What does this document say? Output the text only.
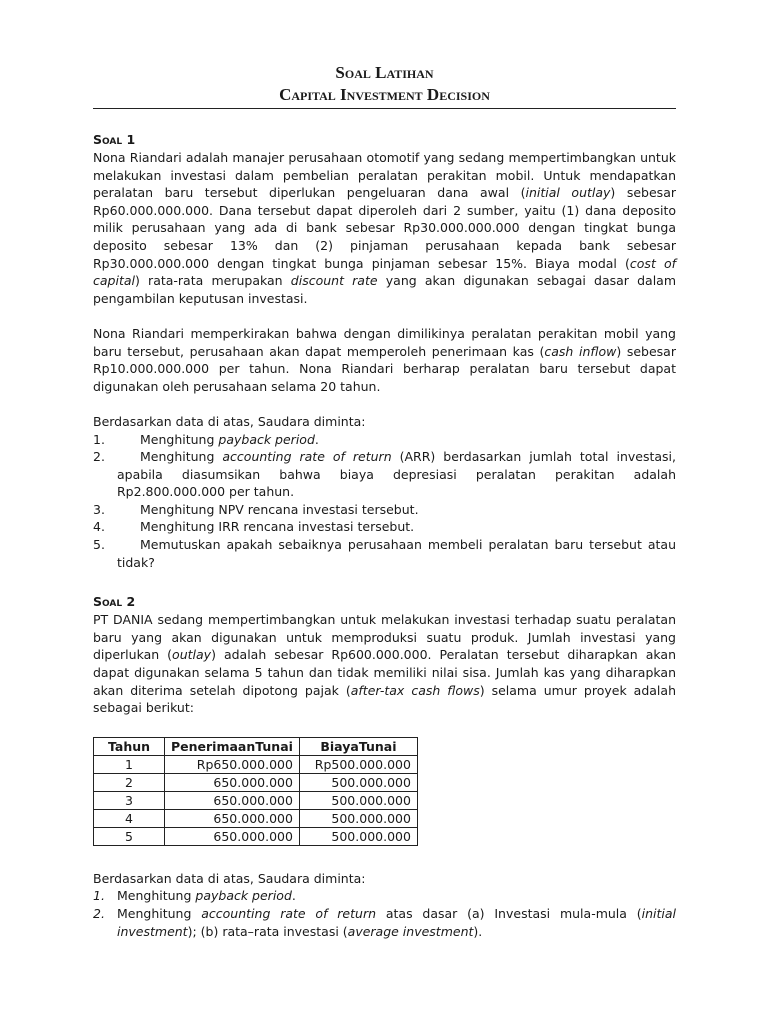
Soal Latihan
Capital Investment Decision
Soal 1

Nona Riandari adalah manajer perusahaan otomotif yang sedang mempertimbangkan untuk melakukan investasi dalam pembelian peralatan perakitan mobil. Untuk mendapatkan peralatan baru tersebut diperlukan pengeluaran dana awal (initial outlay) sebesar Rp60.000.000.000. Dana tersebut dapat diperoleh dari 2 sumber, yaitu (1) dana deposito milik perusahaan yang ada di bank sebesar Rp30.000.000.000 dengan tingkat bunga deposito sebesar 13% dan (2) pinjaman perusahaan kepada bank sebesar Rp30.000.000.000 dengan tingkat bunga pinjaman sebesar 15%. Biaya modal (cost of capital) rata-rata merupakan discount rate yang akan digunakan sebagai dasar dalam pengambilan keputusan investasi.

Nona Riandari memperkirakan bahwa dengan dimilikinya peralatan perakitan mobil yang baru tersebut, perusahaan akan dapat memperoleh penerimaan kas (cash inflow) sebesar Rp10.000.000.000 per tahun. Nona Riandari berharap peralatan baru tersebut dapat digunakan oleh perusahaan selama 20 tahun.

Berdasarkan data di atas, Saudara diminta:

1.	Menghitung payback period.
2.	Menghitung accounting rate of return (ARR) berdasarkan jumlah total investasi, apabila diasumsikan bahwa biaya depresiasi peralatan perakitan adalah Rp2.800.000.000 per tahun.
3.	Menghitung NPV rencana investasi tersebut.
4.	Menghitung IRR rencana investasi tersebut.
5.	Memutuskan apakah sebaiknya perusahaan membeli peralatan baru tersebut atau tidak?
Soal 2

PT DANIA sedang mempertimbangkan untuk melakukan investasi terhadap suatu peralatan baru yang akan digunakan untuk memproduksi suatu produk. Jumlah investasi yang diperlukan (outlay) adalah sebesar Rp600.000.000. Peralatan tersebut diharapkan akan dapat digunakan selama 5 tahun dan tidak memiliki nilai sisa. Jumlah kas yang diharapkan akan diterima setelah dipotong pajak (after-tax cash flows) selama umur proyek adalah sebagai berikut:

Tahun	PenerimaanTunai	BiayaTunai
1	Rp650.000.000	Rp500.000.000
2	650.000.000	500.000.000
3	650.000.000	500.000.000
4	650.000.000	500.000.000
5	650.000.000	500.000.000

Berdasarkan data di atas, Saudara diminta:

1. Menghitung payback period.
2. Menghitung accounting rate of return atas dasar (a) Investasi mula-mula (initial investment); (b) rata–rata investasi (average investment).
